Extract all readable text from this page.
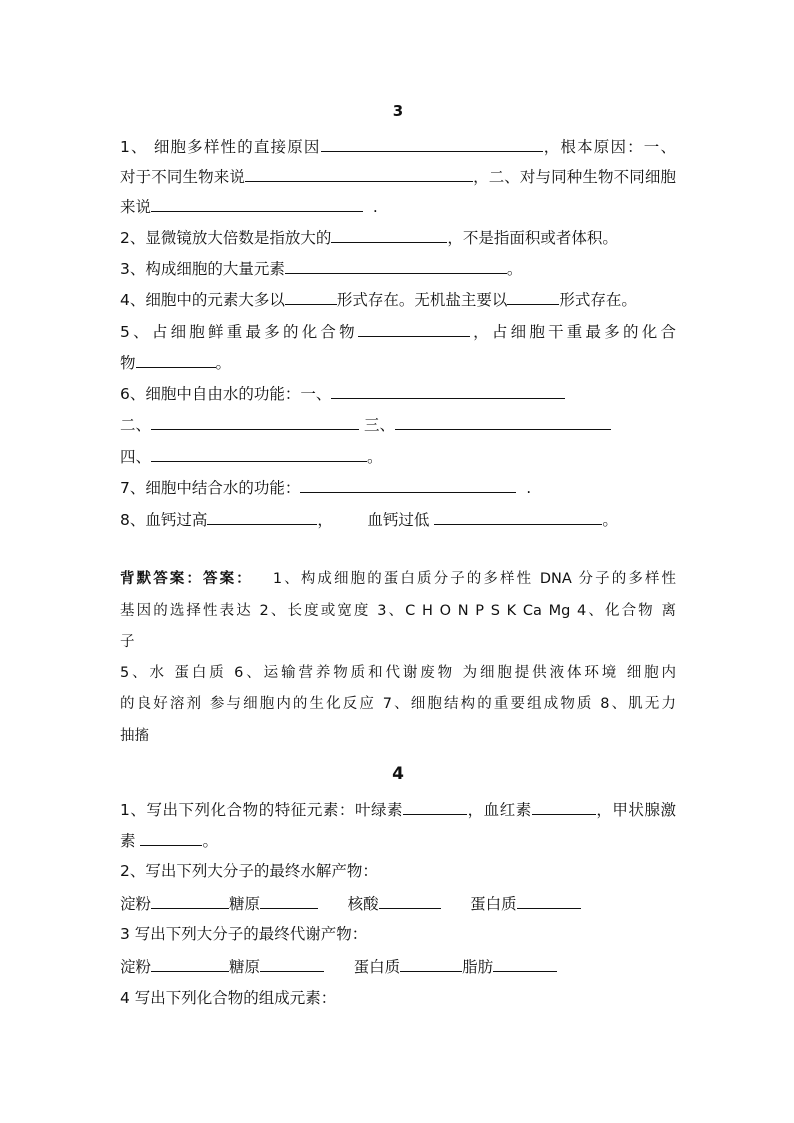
3
1、 细胞多样性的直接原因	，根本原因：一、
对于不同生物来说	，二、对与同种生物不同细胞
来说	.
2、显微镜放大倍数是指放大的	，不是指面积或者体积。
3、构成细胞的大量元素	。
4、细胞中的元素大多以	形式存在。无机盐主要以	形式存在。
5、占细胞鲜重最多的化合物	，占细胞干重最多的化合
物	。
6、细胞中自由水的功能：一、
二、	三、
四、	。
7、细胞中结合水的功能：	.
8、血钙过高	， 血钙过低	。
背默答案：答案： 1、构成细胞的蛋白质分子的多样性 DNA 分子的多样性
基因的选择性表达 2、长度或宽度 3、C H O N P S K Ca Mg 4、化合物 离
子
5、水 蛋白质 6、运输营养物质和代谢废物 为细胞提供液体环境 细胞内
的良好溶剂 参与细胞内的生化反应 7、细胞结构的重要组成物质 8、肌无力
抽搐
4
1、写出下列化合物的特征元素：叶绿素	，血红素	，甲状腺激
素	。
2、写出下列大分子的最终水解产物：
淀粉	糖原	核酸	蛋白质
3 写出下列大分子的最终代谢产物：
淀粉	糖原	蛋白质	脂肪
4 写出下列化合物的组成元素：
